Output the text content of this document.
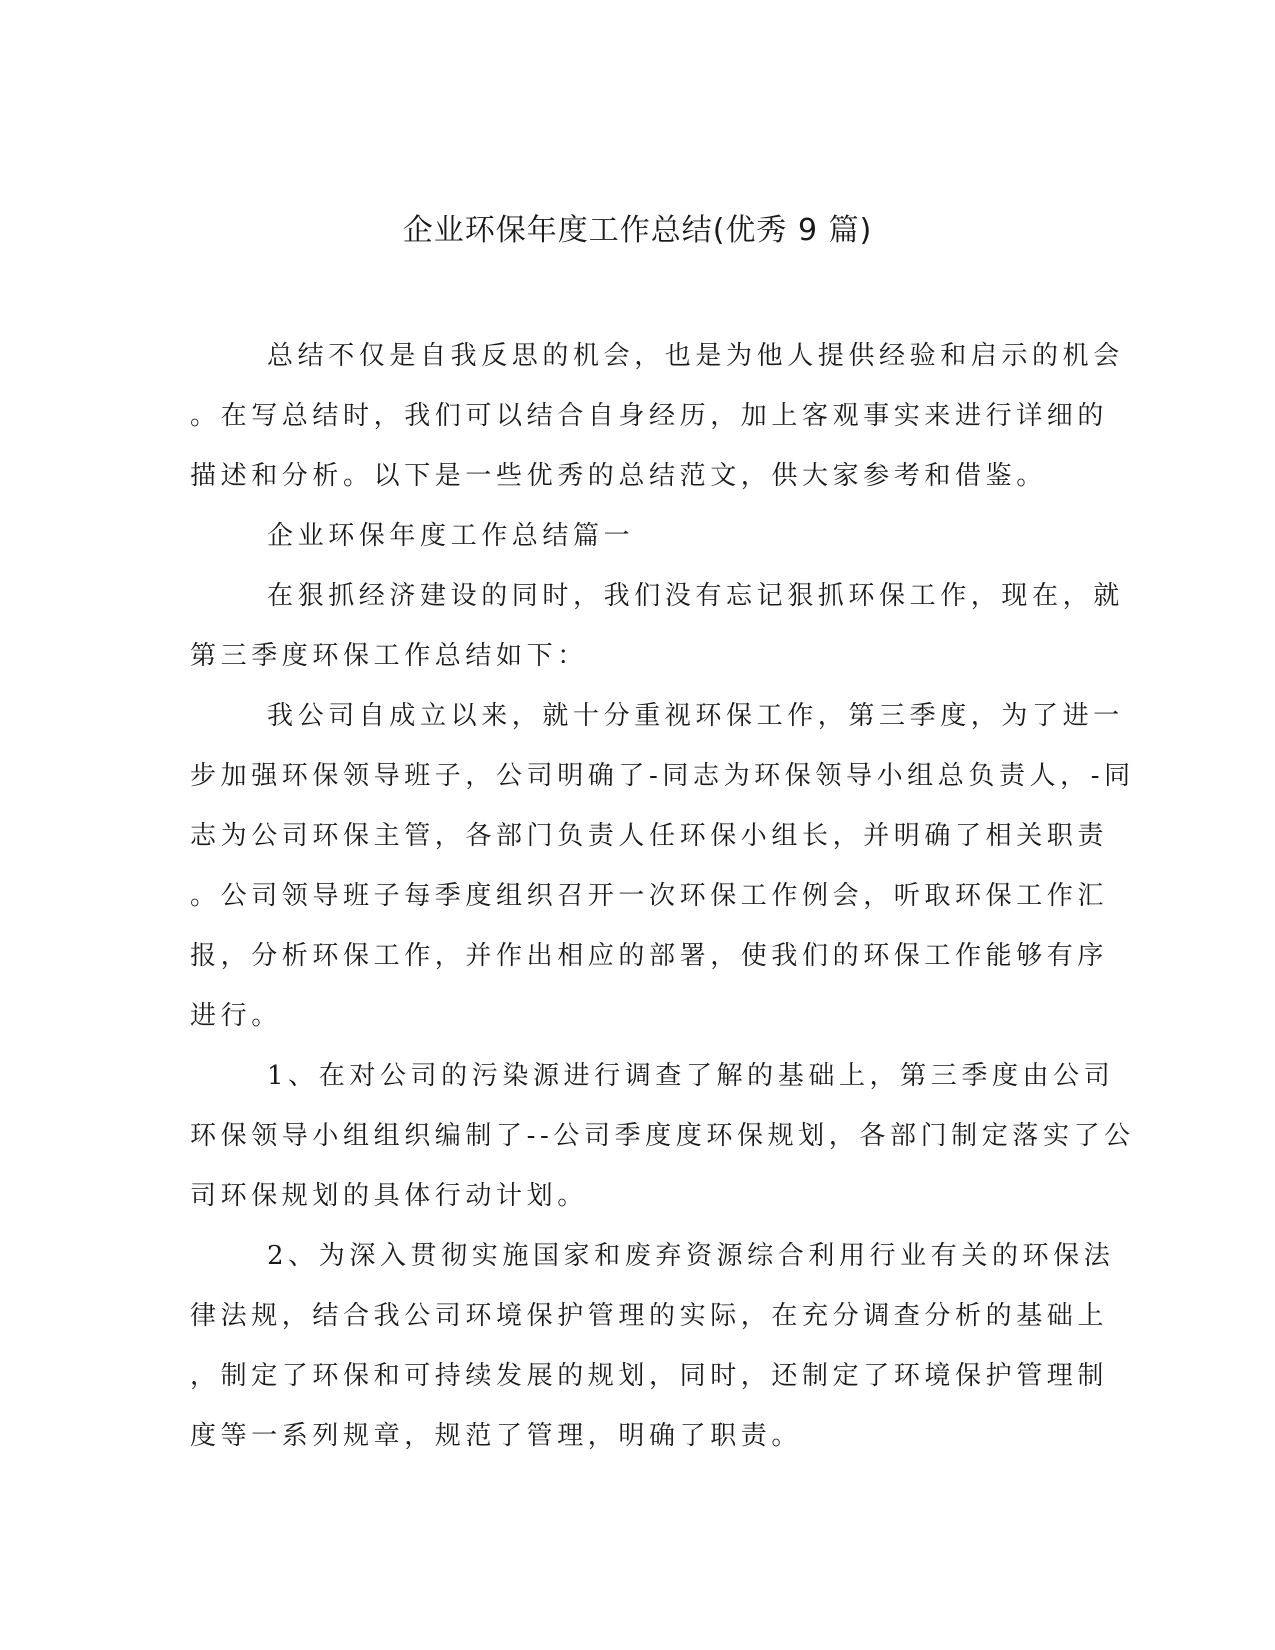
企业环保年度工作总结(优秀 9 篇)

总结不仅是自我反思的机会，也是为他人提供经验和启示的机会

。在写总结时，我们可以结合自身经历，加上客观事实来进行详细的

描述和分析。以下是一些优秀的总结范文，供大家参考和借鉴。

企业环保年度工作总结篇一

在狠抓经济建设的同时，我们没有忘记狠抓环保工作，现在，就

第三季度环保工作总结如下：

我公司自成立以来，就十分重视环保工作，第三季度，为了进一

步加强环保领导班子，公司明确了-同志为环保领导小组总负责人，-同

志为公司环保主管，各部门负责人任环保小组长，并明确了相关职责

。公司领导班子每季度组织召开一次环保工作例会，听取环保工作汇

报，分析环保工作，并作出相应的部署，使我们的环保工作能够有序

进行。

1、在对公司的污染源进行调查了解的基础上，第三季度由公司

环保领导小组组织编制了--公司季度度环保规划，各部门制定落实了公

司环保规划的具体行动计划。

2、为深入贯彻实施国家和废弃资源综合利用行业有关的环保法

律法规，结合我公司环境保护管理的实际，在充分调查分析的基础上

，制定了环保和可持续发展的规划，同时，还制定了环境保护管理制

度等一系列规章，规范了管理，明确了职责。
